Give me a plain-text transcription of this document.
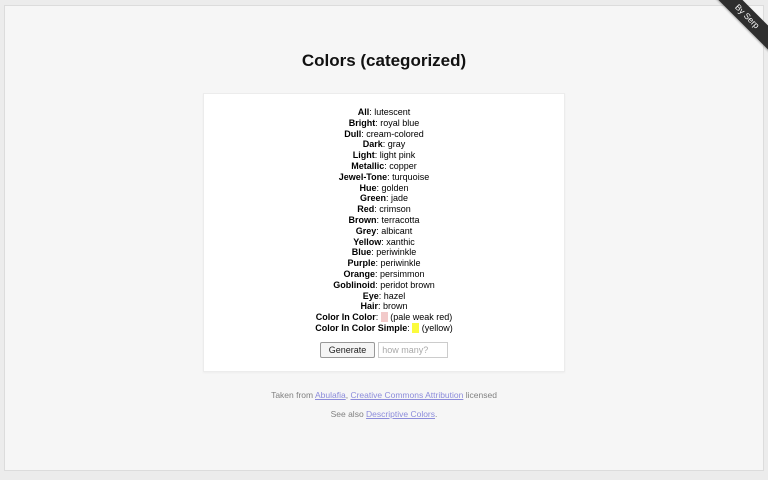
Colors (categorized)
All : lutescent
Bright : royal blue
Dull : cream-colored
Dark : gray
Light : light pink
Metallic : copper
Jewel-Tone : turquoise
Hue : golden
Green : jade
Red : crimson
Brown : terracotta
Grey : albicant
Yellow : xanthic
Blue : periwinkle
Purple : periwinkle
Orange : persimmon
Goblinoid : peridot brown
Eye : hazel
Hair : brown
Color In Color : (pale weak red)
Color In Color Simple : (yellow)
Generatehow many?
Taken from Abulafia, Creative Commons Attribution licensed
See also Descriptive Colors.
By Serp
